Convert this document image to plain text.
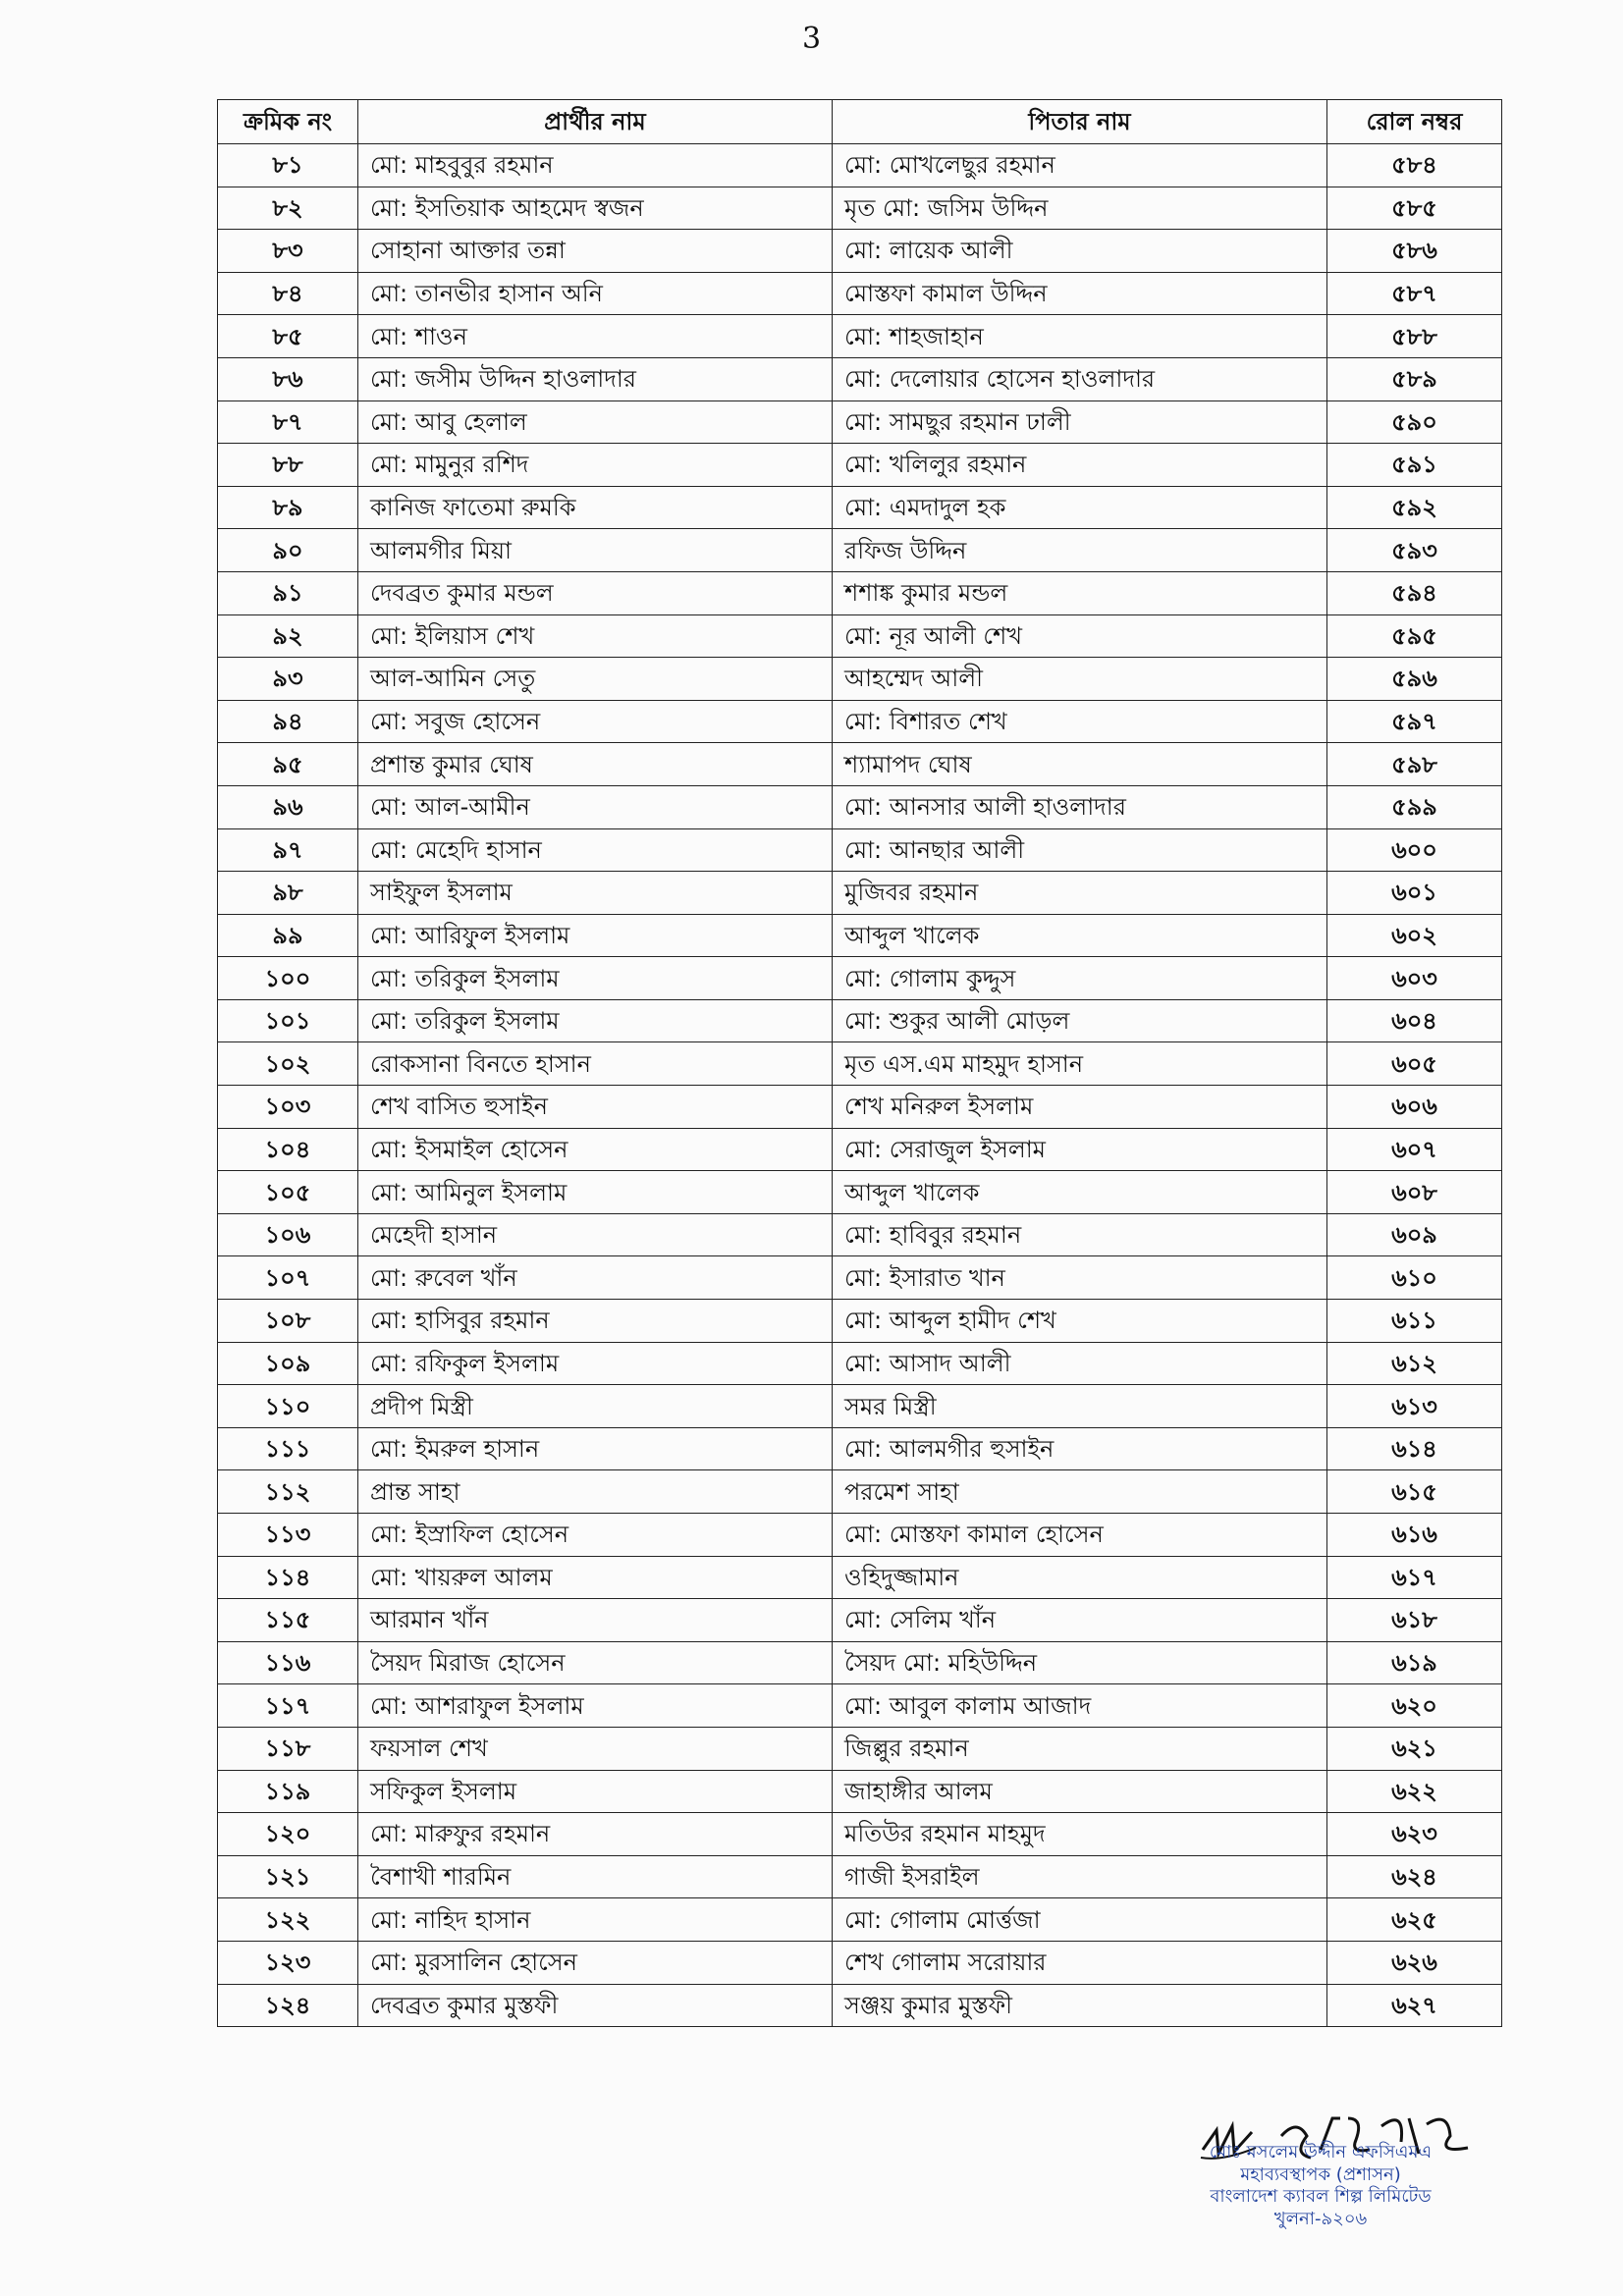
3
ক্রমিক নং	প্রার্থীর নাম	পিতার নাম	রোল নম্বর
৮১	মো: মাহবুবুর রহমান	মো: মোখলেছুর রহমান	৫৮৪
৮২	মো: ইসতিয়াক আহমেদ স্বজন	মৃত মো: জসিম উদ্দিন	৫৮৫
৮৩	সোহানা আক্তার তন্না	মো: লায়েক আলী	৫৮৬
৮৪	মো: তানভীর হাসান অনি	মোস্তফা কামাল উদ্দিন	৫৮৭
৮৫	মো: শাওন	মো: শাহজাহান	৫৮৮
৮৬	মো: জসীম উদ্দিন হাওলাদার	মো: দেলোয়ার হোসেন হাওলাদার	৫৮৯
৮৭	মো: আবু হেলাল	মো: সামছুর রহমান ঢালী	৫৯০
৮৮	মো: মামুনুর রশিদ	মো: খলিলুর রহমান	৫৯১
৮৯	কানিজ ফাতেমা রুমকি	মো: এমদাদুল হক	৫৯২
৯০	আলমগীর মিয়া	রফিজ উদ্দিন	৫৯৩
৯১	দেবব্রত কুমার মন্ডল	শশাঙ্ক কুমার মন্ডল	৫৯৪
৯২	মো: ইলিয়াস শেখ	মো: নূর আলী শেখ	৫৯৫
৯৩	আল-আমিন সেতু	আহম্মেদ আলী	৫৯৬
৯৪	মো: সবুজ হোসেন	মো: বিশারত শেখ	৫৯৭
৯৫	প্রশান্ত কুমার ঘোষ	শ্যামাপদ ঘোষ	৫৯৮
৯৬	মো: আল-আমীন	মো: আনসার আলী হাওলাদার	৫৯৯
৯৭	মো: মেহেদি হাসান	মো: আনছার আলী	৬০০
৯৮	সাইফুল ইসলাম	মুজিবর রহমান	৬০১
৯৯	মো: আরিফুল ইসলাম	আব্দুল খালেক	৬০২
১০০	মো: তরিকুল ইসলাম	মো: গোলাম কুদ্দুস	৬০৩
১০১	মো: তরিকুল ইসলাম	মো: শুকুর আলী মোড়ল	৬০৪
১০২	রোকসানা বিনতে হাসান	মৃত এস.এম মাহমুদ হাসান	৬০৫
১০৩	শেখ বাসিত হুসাইন	শেখ মনিরুল ইসলাম	৬০৬
১০৪	মো: ইসমাইল হোসেন	মো: সেরাজুল ইসলাম	৬০৭
১০৫	মো: আমিনুল ইসলাম	আব্দুল খালেক	৬০৮
১০৬	মেহেদী হাসান	মো: হাবিবুর রহমান	৬০৯
১০৭	মো: রুবেল খাঁন	মো: ইসারাত খান	৬১০
১০৮	মো: হাসিবুর রহমান	মো: আব্দুল হামীদ শেখ	৬১১
১০৯	মো: রফিকুল ইসলাম	মো: আসাদ আলী	৬১২
১১০	প্রদীপ মিস্ত্রী	সমর মিস্ত্রী	৬১৩
১১১	মো: ইমরুল হাসান	মো: আলমগীর হুসাইন	৬১৪
১১২	প্রান্ত সাহা	পরমেশ সাহা	৬১৫
১১৩	মো: ইস্রাফিল হোসেন	মো: মোস্তফা কামাল হোসেন	৬১৬
১১৪	মো: খায়রুল আলম	ওহিদুজ্জামান	৬১৭
১১৫	আরমান খাঁন	মো: সেলিম খাঁন	৬১৮
১১৬	সৈয়দ মিরাজ হোসেন	সৈয়দ মো: মহিউদ্দিন	৬১৯
১১৭	মো: আশরাফুল ইসলাম	মো: আবুল কালাম আজাদ	৬২০
১১৮	ফয়সাল শেখ	জিল্লুর রহমান	৬২১
১১৯	সফিকুল ইসলাম	জাহাঙ্গীর আলম	৬২২
১২০	মো: মারুফুর রহমান	মতিউর রহমান মাহমুদ	৬২৩
১২১	বৈশাখী শারমিন	গাজী ইসরাইল	৬২৪
১২২	মো: নাহিদ হাসান	মো: গোলাম মোর্ত্তজা	৬২৫
১২৩	মো: মুরসালিন হোসেন	শেখ গোলাম সরোয়ার	৬২৬
১২৪	দেবব্রত কুমার মুস্তফী	সঞ্জয় কুমার মুস্তফী	৬২৭
মোঃ মসলেম উদ্দীন এফসিএমএ
মহাব্যবস্থাপক (প্রশাসন)
বাংলাদেশ ক্যাবল শিল্প লিমিটেড
খুলনা-৯২০৬
